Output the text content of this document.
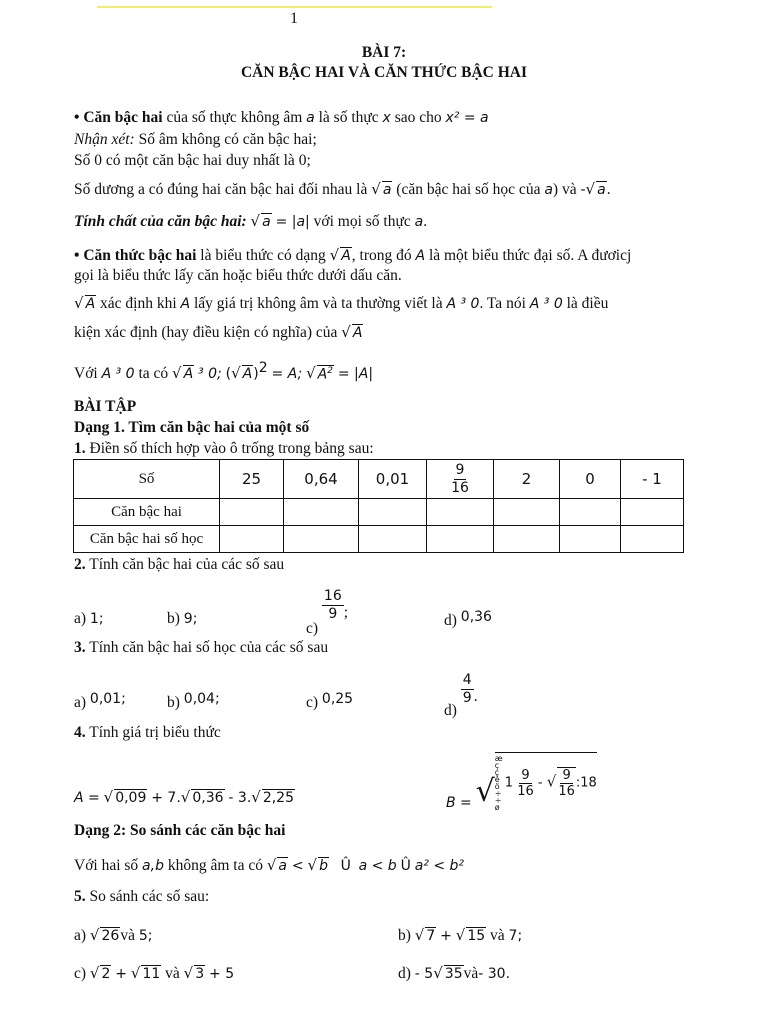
1
BÀI 7:
CĂN BẬC HAI VÀ CĂN THỨC BẬC HAI
• Căn bậc hai của số thực không âm a là số thực x sao cho x² = a
Nhận xét: Số âm không có căn bậc hai;
Số 0 có một căn bậc hai duy nhất là 0;
Số dương a có đúng hai căn bậc hai đối nhau là √ a (căn bậc hai số học của a) và -√ a.
Tính chất của căn bậc hai: √ a = |a| với mọi số thực a.
• Căn thức bậc hai là biểu thức có dạng √ A, trong đó A là một biểu thức đại số. A đươicj
gọi là biểu thức lấy căn hoặc biểu thức dưới dấu căn.
√ A xác định khi A lấy giá trị không âm và ta thường viết là A ³ 0. Ta nói A ³ 0 là điều
kiện xác định (hay điều kiện có nghĩa) của √ A
Với A ³ 0 ta có √ A ³ 0; (√ A)$^2$ = A; √ $A^2 = |A|$
BÀI TẬP
Dạng 1. Tìm căn bậc hai của một số
1. Điền số thích hợp vào ô trống trong bảng sau:
Số	25	0,64	0,01	$\frac{9}{16}$	2	0	- 1
Căn bậc hai							
Căn bậc hai số học							
2. Tính căn bậc hai của các số sau
a) 1;	b) 9;
c)
$\frac{16}{9}$ ;	d) 0,36
3. Tính căn bậc hai số học của các số sau
a) 0,01;	b) 0,04;	c) 0,25
d)
$\frac{4}{9}$ .
4. Tính giá trị biểu thức
A = √ 0,09 + 7.√ 0,36 - 3.√ 2,25	B = √æ ç ç è ö ÷ ÷ ø1 $\frac{9}{16}$ - √ $\frac{9}{16}$ :18
Dạng 2: So sánh các căn bậc hai
Với hai số a,b không âm ta có √ a < √ b Û a < b Û a² < b²
5. So sánh các số sau:
a) √ 26và 5;	b) √ 7 + √ 15 và 7;
c) √ 2 + √ 11 và √ 3 + 5	d) - 5√ 35và- 30.
